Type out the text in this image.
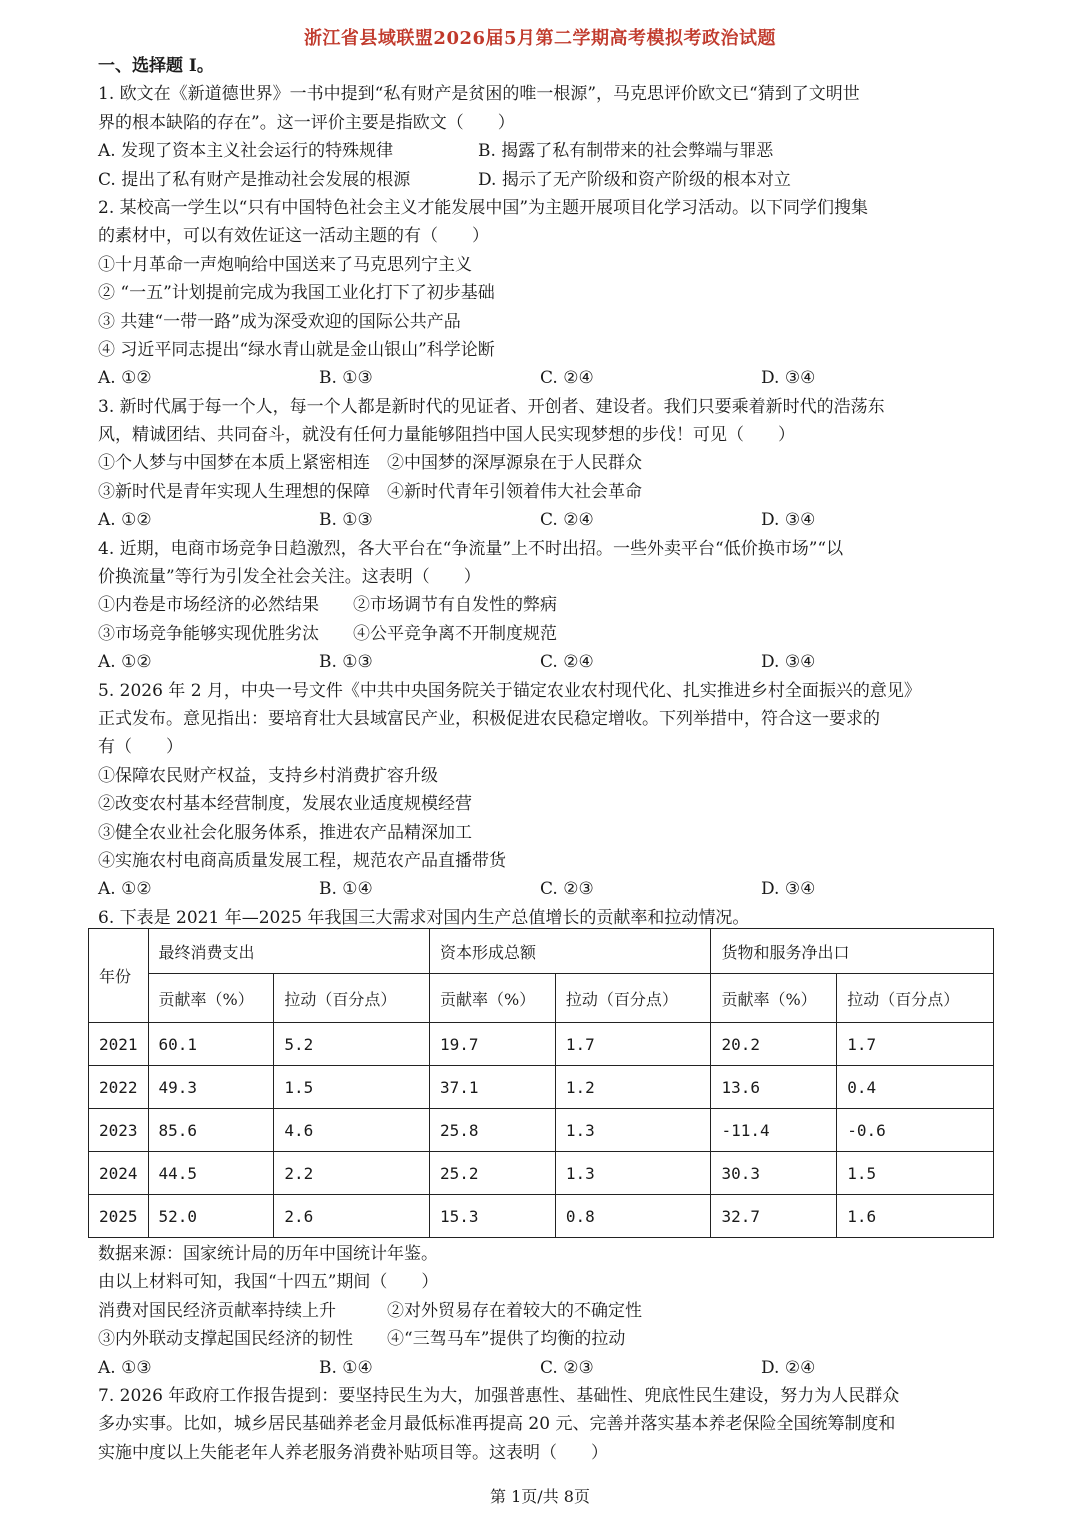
浙江省县域联盟2026届5月第二学期高考模拟考政治试题
一、选择题 I。
1. 欧文在《新道德世界》一书中提到“私有财产是贫困的唯一根源”，马克思评价欧文已“猜到了文明世
界的根本缺陷的存在”。这一评价主要是指欧文（　　）
A. 发现了资本主义社会运行的特殊规律	B. 揭露了私有制带来的社会弊端与罪恶
C. 提出了私有财产是推动社会发展的根源	D. 揭示了无产阶级和资产阶级的根本对立
2. 某校高一学生以“只有中国特色社会主义才能发展中国”为主题开展项目化学习活动。以下同学们搜集
的素材中，可以有效佐证这一活动主题的有（　　）
①十月革命一声炮响给中国送来了马克思列宁主义
② “一五”计划提前完成为我国工业化打下了初步基础
③ 共建“一带一路”成为深受欢迎的国际公共产品
④ 习近平同志提出“绿水青山就是金山银山”科学论断
A. ①②	B. ①③	C. ②④	D. ③④
3. 新时代属于每一个人，每一个人都是新时代的见证者、开创者、建设者。我们只要乘着新时代的浩荡东
风，精诚团结、共同奋斗，就没有任何力量能够阻挡中国人民实现梦想的步伐！可见（　　）
①个人梦与中国梦在本质上紧密相连　②中国梦的深厚源泉在于人民群众
③新时代是青年实现人生理想的保障　④新时代青年引领着伟大社会革命
A. ①②	B. ①③	C. ②④	D. ③④
4. 近期，电商市场竞争日趋激烈，各大平台在“争流量”上不时出招。一些外卖平台“低价换市场”“以
价换流量”等行为引发全社会关注。这表明（　　）
①内卷是市场经济的必然结果　　②市场调节有自发性的弊病
③市场竞争能够实现优胜劣汰　　④公平竞争离不开制度规范
A. ①②	B. ①③	C. ②④	D. ③④
5. 2026 年 2 月，中央一号文件《中共中央国务院关于锚定农业农村现代化、扎实推进乡村全面振兴的意见》
正式发布。意见指出：要培育壮大县域富民产业，积极促进农民稳定增收。下列举措中，符合这一要求的
有（　　）
①保障农民财产权益，支持乡村消费扩容升级
②改变农村基本经营制度，发展农业适度规模经营
③健全农业社会化服务体系，推进农产品精深加工
④实施农村电商高质量发展工程，规范农产品直播带货
A. ①②	B. ①④	C. ②③	D. ③④
6. 下表是 2021 年—2025 年我国三大需求对国内生产总值增长的贡献率和拉动情况。
年份	最终消费支出		资本形成总额		货物和服务净出口	
	贡献率（%）	拉动（百分点）	贡献率（%）	拉动（百分点）	贡献率（%）	拉动（百分点）
2021	60.1	5.2	19.7	1.7	20.2	1.7
2022	49.3	1.5	37.1	1.2	13.6	0.4
2023	85.6	4.6	25.8	1.3	-11.4	-0.6
2024	44.5	2.2	25.2	1.3	30.3	1.5
2025	52.0	2.6	15.3	0.8	32.7	1.6
数据来源：国家统计局的历年中国统计年鉴。
由以上材料可知，我国“十四五”期间（　　）
消费对国民经济贡献率持续上升　　　②对外贸易存在着较大的不确定性
③内外联动支撑起国民经济的韧性　　④“三驾马车”提供了均衡的拉动
A. ①③	B. ①④	C. ②③	D. ②④
7. 2026 年政府工作报告提到：要坚持民生为大，加强普惠性、基础性、兜底性民生建设，努力为人民群众
多办实事。比如，城乡居民基础养老金月最低标准再提高 20 元、完善并落实基本养老保险全国统筹制度和
实施中度以上失能老年人养老服务消费补贴项目等。这表明（　　）
第 1页/共 8页
